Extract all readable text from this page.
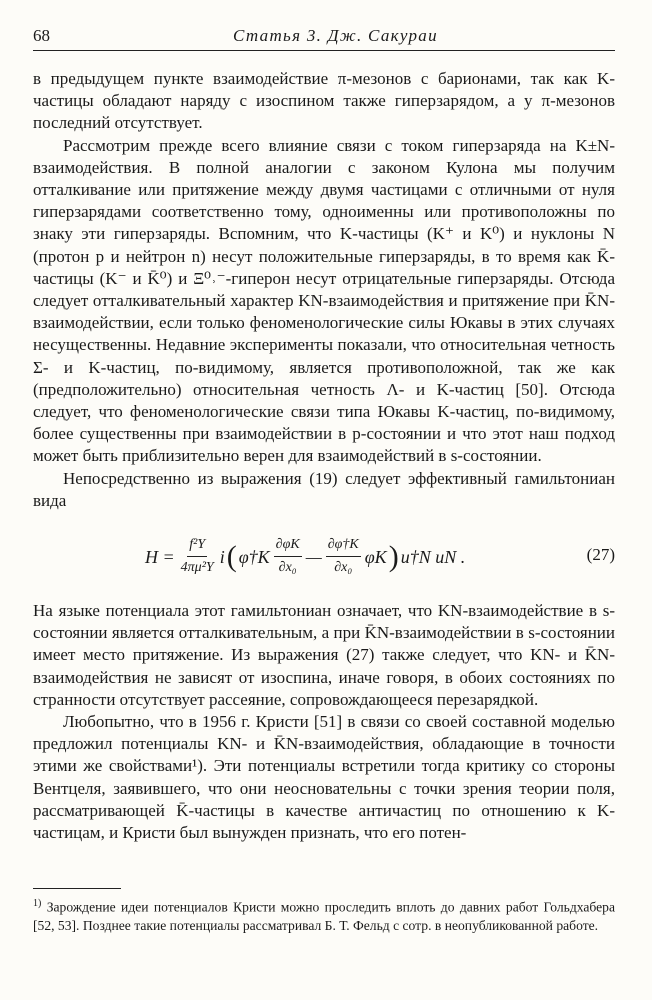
68	Статья 3. Дж. Сакураи

в предыдущем пункте взаимодействие π-мезонов с барионами, так как K-частицы обладают наряду с изоспином также гиперзарядом, а у π-мезонов последний отсутствует.

Рассмотрим прежде всего влияние связи с током гиперзаряда на K±N-взаимодействия. В полной аналогии с законом Кулона мы получим отталкивание или притяжение между двумя частицами с отличными от нуля гиперзарядами соответственно тому, одноименны или противоположны по знаку эти гиперзаряды. Вспомним, что K-частицы (K⁺ и K⁰) и нуклоны N (протон p и нейтрон n) несут положительные гиперзаряды, в то время как K̄-частицы (K⁻ и K̄⁰) и Ξ⁰˒⁻-гиперон несут отрицательные гиперзаряды. Отсюда следует отталкивательный характер KN-взаимодействия и притяжение при K̄N-взаимодействии, если только феноменологические силы Юкавы в этих случаях несущественны. Недавние эксперименты показали, что относительная четность Σ- и K-частиц, по-видимому, является противоположной, так же как (предположительно) относительная четность Λ- и K-частиц [50]. Отсюда следует, что феноменологические связи типа Юкавы K-частиц, по-видимому, более существенны при взаимодействии в p-состоянии и что этот наш подход может быть приблизительно верен для взаимодействий в s-состоянии.

Непосредственно из выражения (19) следует эффективный гамильтониан вида

$H = \frac{\text{f²Y}}{\text{4πμ²Y}}$ i ( φ†K $\frac{\partial\varphi K}{\text{∂x₀}}$ — $\frac{\partial\varphi\dagger K}{\text{∂x₀}}$ φK ) u†N uN .	(27)

На языке потенциала этот гамильтониан означает, что KN-взаимодействие в s-состоянии является отталкивательным, а при K̄N-взаимодействии в s-состоянии имеет место притяжение. Из выражения (27) также следует, что KN- и K̄N-взаимодействия не зависят от изоспина, иначе говоря, в обоих состояниях по странности отсутствует рассеяние, сопровождающееся перезарядкой.

Любопытно, что в 1956 г. Кристи [51] в связи со своей составной моделью предложил потенциалы KN- и K̄N-взаимодействия, обладающие в точности этими же свойствами¹). Эти потенциалы встретили тогда критику со стороны Вентцеля, заявившего, что они неосновательны с точки зрения теории поля, рассматривающей K̄-частицы в качестве античастиц по отношению к K-частицам, и Кристи был вынужден признать, что его потен-

$^{1)}$ Зарождение идеи потенциалов Кристи можно проследить вплоть до давних работ Гольдхабера [52, 53]. Позднее такие потенциалы рассматривал Б. Т. Фельд с сотр. в неопубликованной работе.
